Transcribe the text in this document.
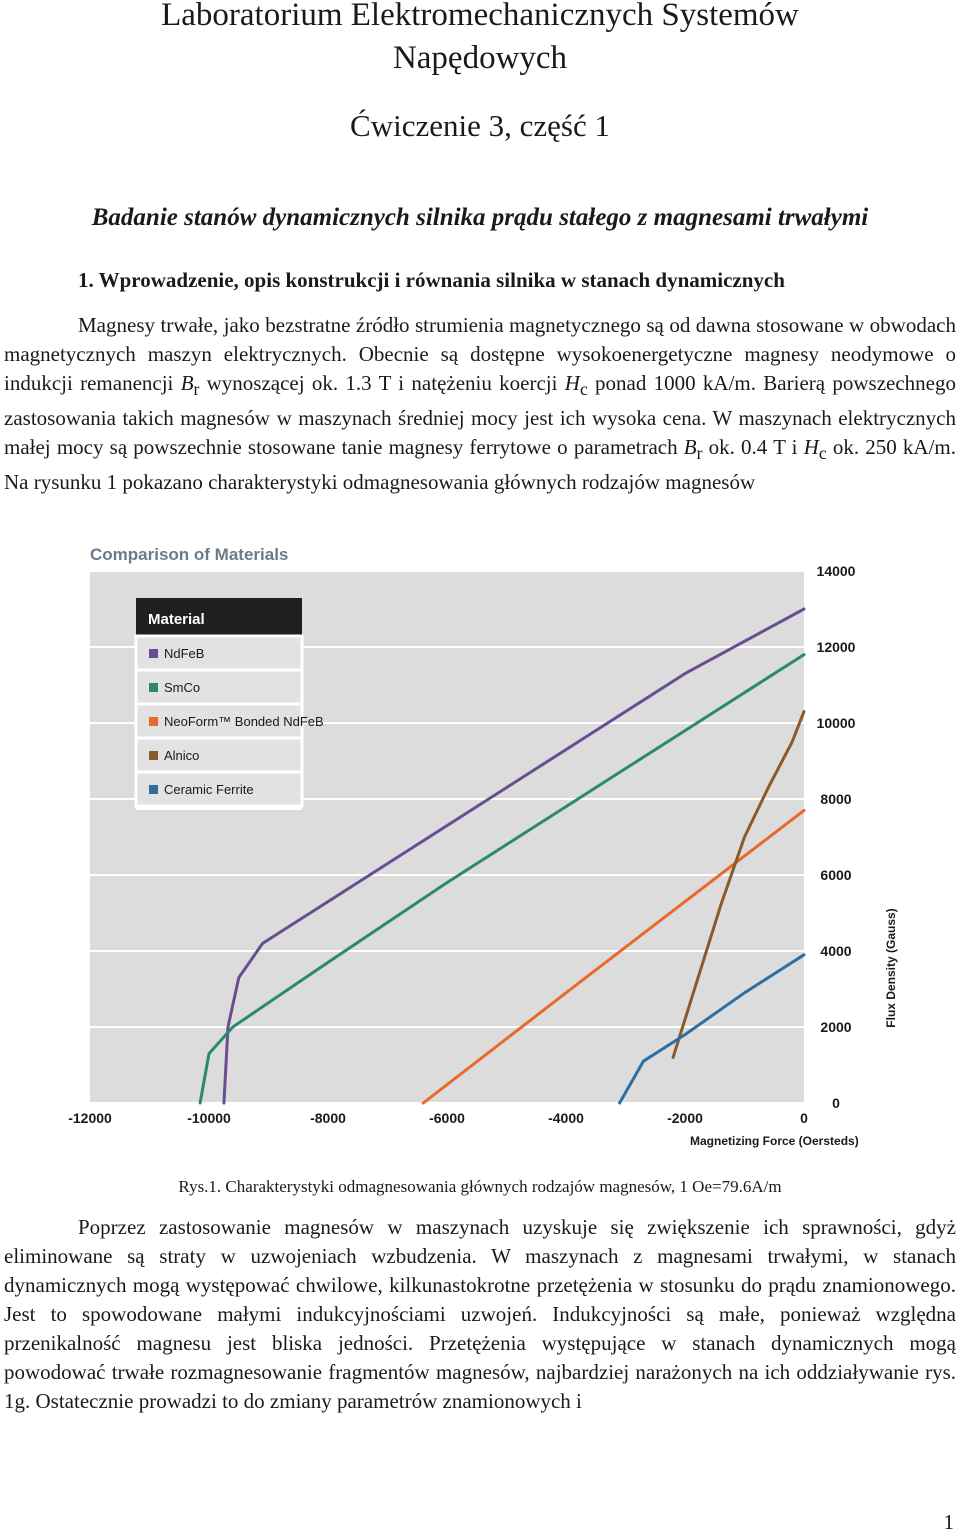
Laboratorium Elektromechanicznych Systemów
Napędowych
Ćwiczenie 3, część 1
Badanie stanów dynamicznych silnika prądu stałego z magnesami trwałymi
1. Wprowadzenie, opis konstrukcji i równania silnika w stanach dynamicznych
Magnesy trwałe, jako bezstratne źródło strumienia magnetycznego są od dawna stosowane w obwodach magnetycznych maszyn elektrycznych. Obecnie są dostępne wysokoenergetyczne magnesy neodymowe o indukcji remanencji $B_r$ wynoszącej ok. 1.3 T i natężeniu koercji $H_c$ ponad 1000 kA/m. Barierą powszechnego zastosowania takich magnesów w maszynach średniej mocy jest ich wysoka cena. W maszynach elektrycznych małej mocy są powszechnie stosowane tanie magnesy ferrytowe o parametrach $B_r$ ok. 0.4 T i $H_c$ ok. 250 kA/m. Na rysunku 1 pokazano charakterystyki odmagnesowania głównych rodzajów magnesów
Comparison of Materials
0
2000
4000
6000
8000
10000
12000
14000
-12000	-10000	-8000	-6000	-4000	-2000	0
Magnetizing Force (Oersteds)
Flux Density (Gauss)
Material
NdFeB
SmCo
NeoForm™ Bonded NdFeB
Alnico
Ceramic Ferrite
Rys.1. Charakterystyki odmagnesowania głównych rodzajów magnesów, 1 Oe=79.6A/m
Poprzez zastosowanie magnesów w maszynach uzyskuje się zwiększenie ich sprawności, gdyż eliminowane są straty w uzwojeniach wzbudzenia. W maszynach z magnesami trwałymi, w stanach dynamicznych mogą występować chwilowe, kilkunastokrotne przetężenia w stosunku do prądu znamionowego. Jest to spowodowane małymi indukcyjnościami uzwojeń. Indukcyjności są małe, ponieważ względna przenikalność magnesu jest bliska jedności. Przetężenia występujące w stanach dynamicznych mogą powodować trwałe rozmagnesowanie fragmentów magnesów, najbardziej narażonych na ich oddziaływanie rys. 1g. Ostatecznie prowadzi to do zmiany parametrów znamionowych i
1
